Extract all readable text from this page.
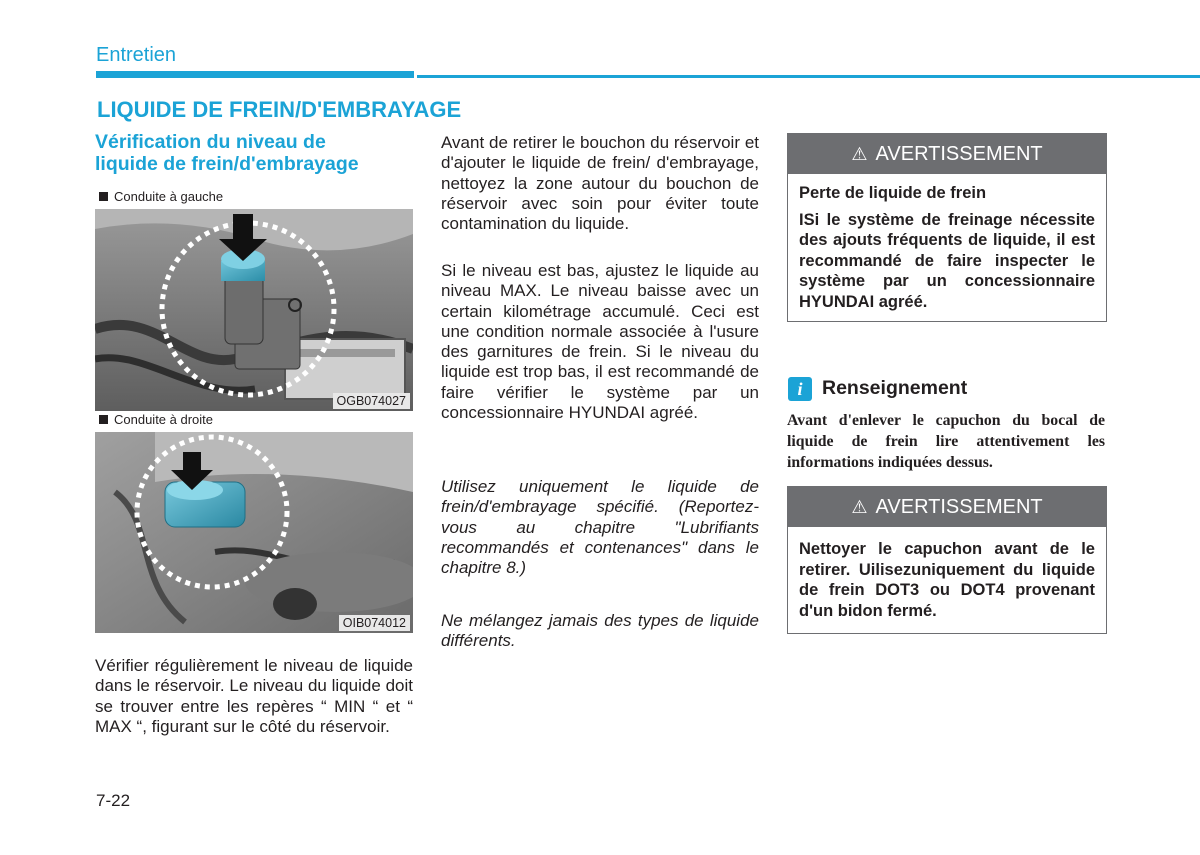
Entretien
LIQUIDE DE FREIN/D'EMBRAYAGE
Vérification du niveau de
liquide de frein/d'embrayage
Conduite à gauche
OGB074027
Conduite à droite
OIB074012
Vérifier régulièrement le niveau de liquide dans le réservoir. Le niveau du liquide doit se trouver entre les repères “ MIN “ et “ MAX “, figurant sur le côté du réservoir.
Avant de retirer le bouchon du réservoir et d'ajouter le liquide de frein/ d'embrayage, nettoyez la zone autour du bouchon de réservoir avec soin pour éviter toute contamination du liquide.
Si le niveau est bas, ajustez le liquide au niveau MAX. Le niveau baisse avec un certain kilométrage accumulé. Ceci est une condition normale associée à l'usure des garnitures de frein. Si le niveau du liquide est trop bas, il est recommandé de faire vérifier le système par un concessionnaire HYUNDAI agréé.
Utilisez uniquement le liquide de frein/d'embrayage spécifié. (Reportez-vous au chapitre "Lubrifiants recommandés et contenances" dans le chapitre 8.)
Ne mélangez jamais des types de liquide différents.
⚠ AVERTISSEMENT

Perte de liquide de frein

ISi le système de freinage nécessite des ajouts fréquents de liquide, il est recommandé de faire inspecter le système par un concessionnaire HYUNDAI agréé.

i	Renseignement
Avant d'enlever le capuchon du bocal de liquide de frein lire attentivement les informations indiquées dessus.
⚠ AVERTISSEMENT

Nettoyer le capuchon avant de le retirer. Uilisezuniquement du liquide de frein DOT3 ou DOT4 provenant d'un bidon fermé.

7-22
